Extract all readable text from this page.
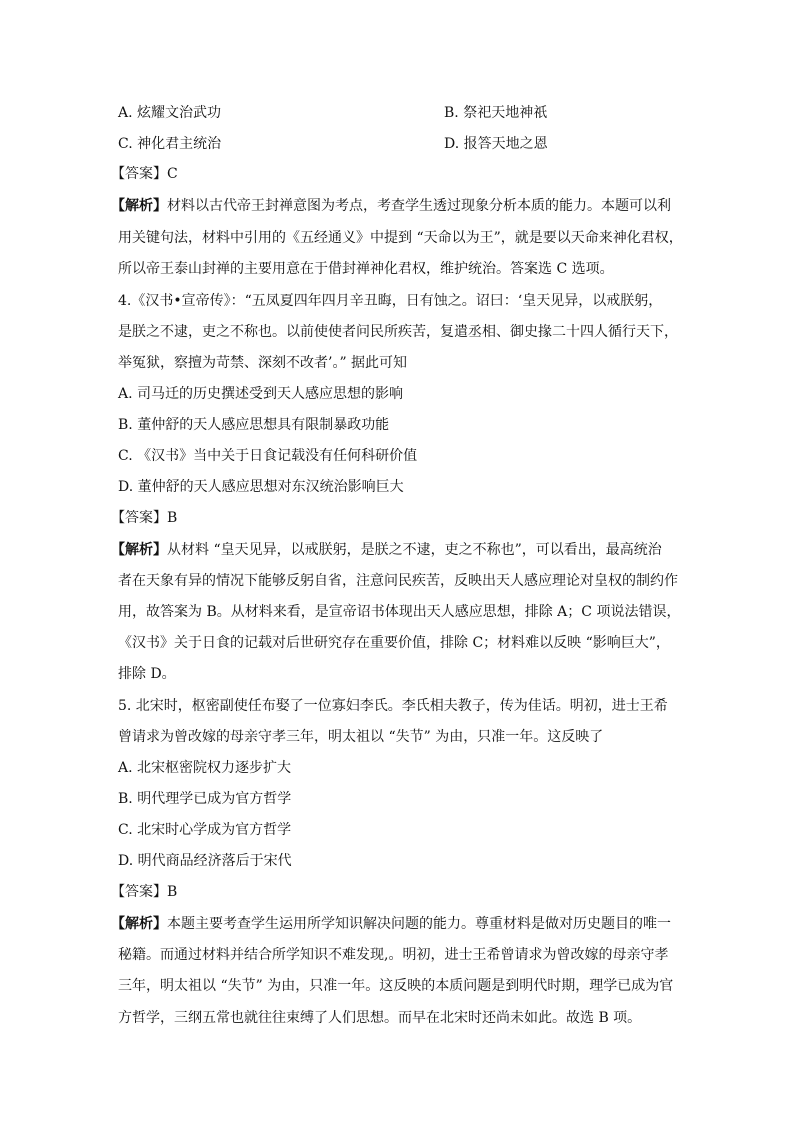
A. 炫耀文治武功	B. 祭祀天地神祇
C. 神化君主统治	D. 报答天地之恩
【答案】C
【解析】材料以古代帝王封禅意图为考点，考查学生透过现象分析本质的能力。本题可以利
用关键句法，材料中引用的《五经通义》中提到 “天命以为王”，就是要以天命来神化君权，
所以帝王泰山封禅的主要用意在于借封禅神化君权，维护统治。答案选 C 选项。
4.《汉书•宣帝传》：“五凤夏四年四月辛丑晦，日有蚀之。诏曰：‘皇天见异，以戒朕躬，
是朕之不逮，吏之不称也。以前使使者问民所疾苦，复遣丞相、御史掾二十四人循行天下，
举冤狱，察擅为苛禁、深刻不改者’。” 据此可知
A. 司马迁的历史撰述受到天人感应思想的影响
B. 董仲舒的天人感应思想具有限制暴政功能
C. 《汉书》当中关于日食记载没有任何科研价值
D. 董仲舒的天人感应思想对东汉统治影响巨大
【答案】B
【解析】从材料 “皇天见异，以戒朕躬，是朕之不逮，吏之不称也”，可以看出，最高统治
者在天象有异的情况下能够反躬自省，注意问民疾苦，反映出天人感应理论对皇权的制约作
用，故答案为 B。从材料来看，是宣帝诏书体现出天人感应思想，排除 A；C 项说法错误，
《汉书》关于日食的记载对后世研究存在重要价值，排除 C；材料难以反映 “影响巨大”，
排除 D。
5. 北宋时，枢密副使任布娶了一位寡妇李氏。李氏相夫教子，传为佳话。明初，进士王希
曾请求为曾改嫁的母亲守孝三年，明太祖以 “失节” 为由，只准一年。这反映了
A. 北宋枢密院权力逐步扩大
B. 明代理学已成为官方哲学
C. 北宋时心学成为官方哲学
D. 明代商品经济落后于宋代
【答案】B
【解析】本题主要考查学生运用所学知识解决问题的能力。尊重材料是做对历史题目的唯一
秘籍。而通过材料并结合所学知识不难发现,。明初，进士王希曾请求为曾改嫁的母亲守孝
三年，明太祖以 “失节” 为由，只准一年。这反映的本质问题是到明代时期，理学已成为官
方哲学，三纲五常也就往往束缚了人们思想。而早在北宋时还尚未如此。故选 B 项。
